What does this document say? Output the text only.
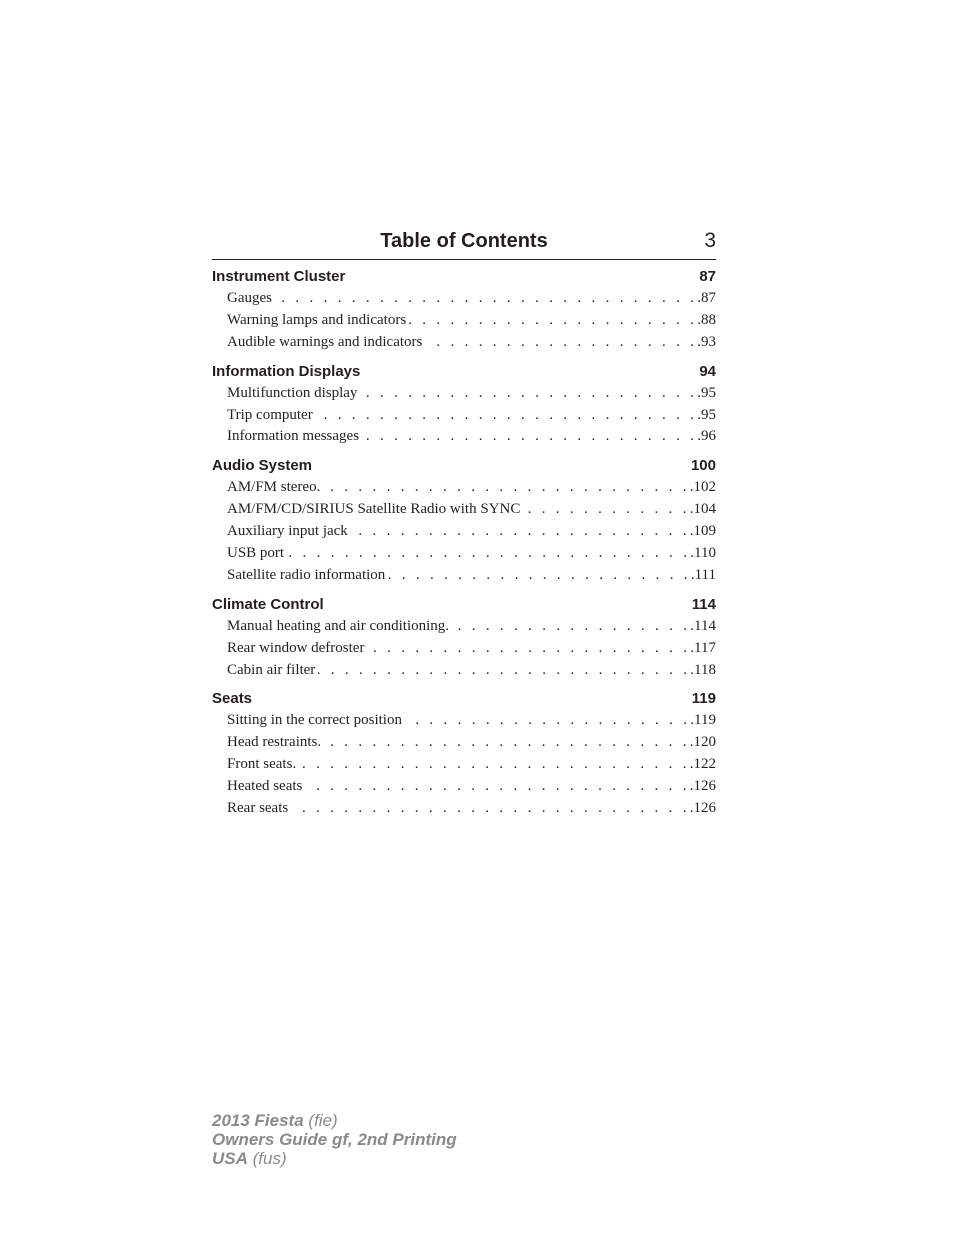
Table of Contents	3
Instrument Cluster	87
Gauges . . .	.87
Warning lamps and indicators . . .	.88
Audible warnings and indicators . . .	.93
Information Displays	94
Multifunction display . . .	.95
Trip computer . . .	.95
Information messages . . .	.96
Audio System	100
AM/FM stereo. . . .	.102
AM/FM/CD/SIRIUS Satellite Radio with SYNC . . .	.104
Auxiliary input jack . . .	.109
USB port . . .	.110
Satellite radio information . . .	.111
Climate Control	114
Manual heating and air conditioning. . . .	.114
Rear window defroster . . .	.117
Cabin air filter . . .	.118
Seats	119
Sitting in the correct position . . .	.119
Head restraints. . . .	.120
Front seats. . . .	.122
Heated seats . . .	.126
Rear seats . . .	.126
2013 Fiesta (fie)
Owners Guide gf, 2nd Printing
USA (fus)
